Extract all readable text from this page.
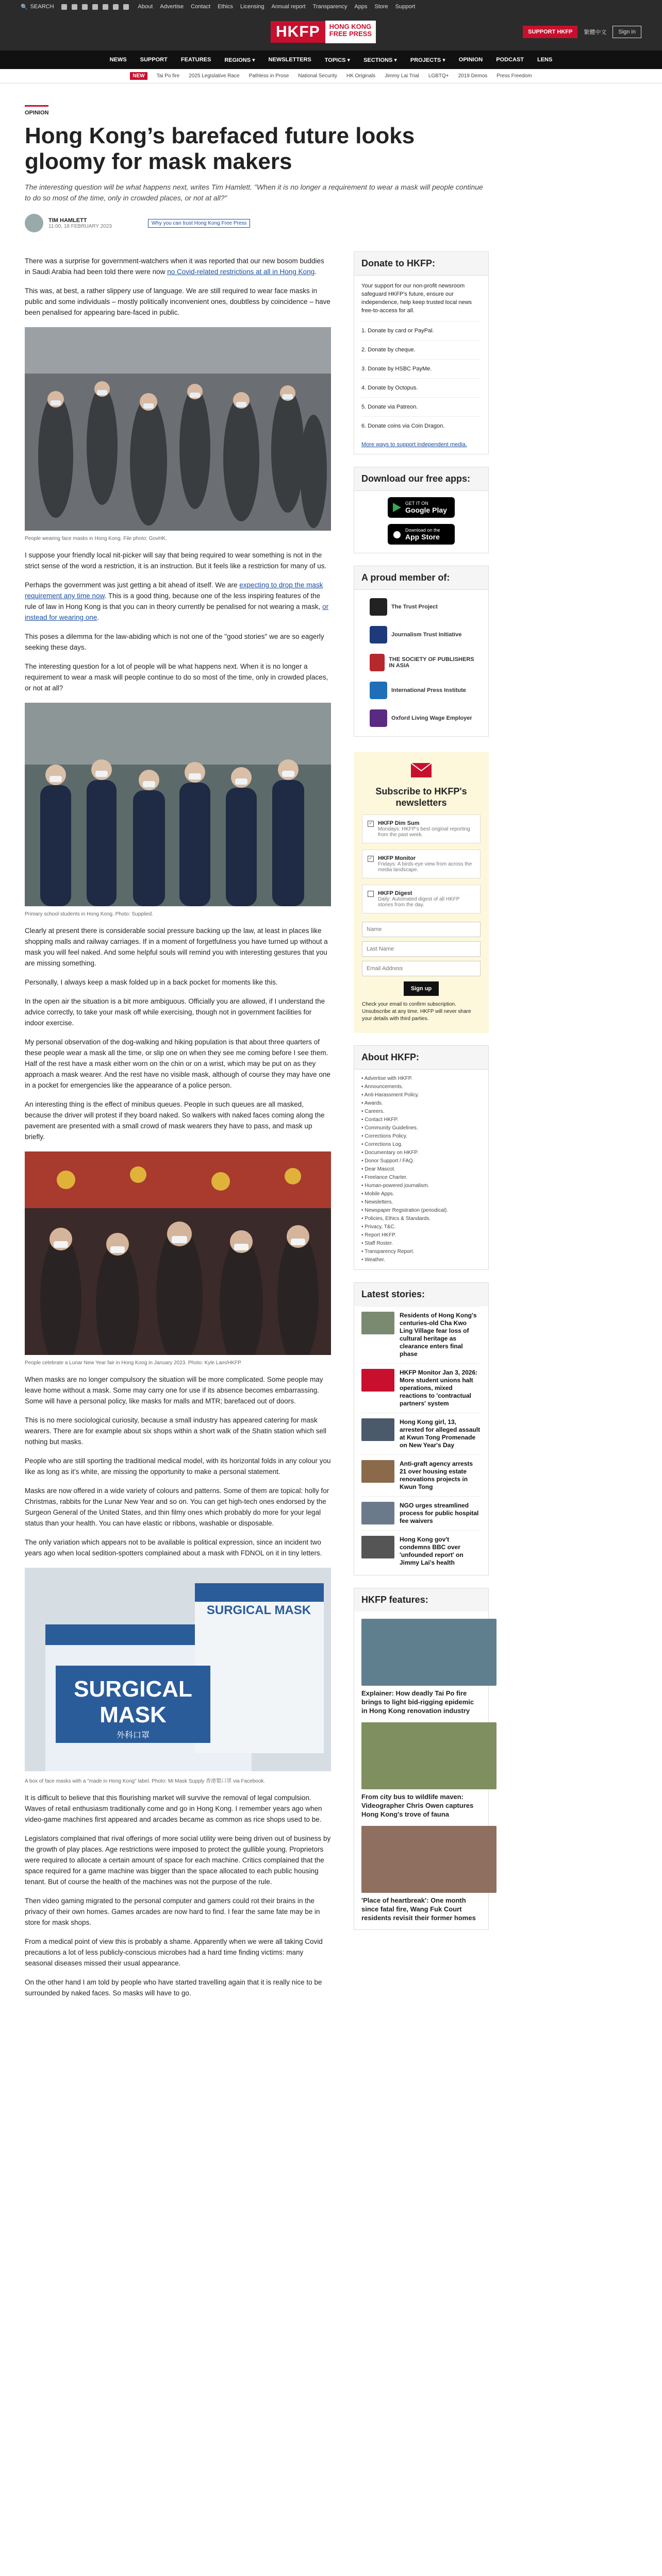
🔍 SEARCH	About Advertise Contact Ethics Licensing Annual report Transparency Apps Store Support
HKFP	HONG KONG
FREE PRESS	SUPPORT HKFP	繁體中文	Sign in
NEWS SUPPORT FEATURES REGIONS ▾ NEWSLETTERS TOPICS ▾ SECTIONS ▾ PROJECTS ▾ OPINION PODCAST LENS
NEW	Tai Po fire 2025 Legislative Race Pathless in Prose National Security HK Originals Jimmy Lai Trial LGBTQ+ 2019 Demos Press Freedom
OPINION
Hong Kong’s barefaced future looks gloomy for mask makers

The interesting question will be what happens next, writes Tim Hamlett. "When it is no longer a requirement to wear a mask will people continue to do so most of the time, only in crowded places, or not at all?"

TIM HAMLETT
11:00, 18 FEBRUARY 2023
Why you can trust Hong Kong Free Press

There was a surprise for government-watchers when it was reported that our new bosom buddies in Saudi Arabia had been told there were now no Covid-related restrictions at all in Hong Kong.

This was, at best, a rather slippery use of language. We are still required to wear face masks in public and some individuals – mostly politically inconvenient ones, doubtless by coincidence – have been penalised for appearing bare-faced in public.

People wearing face masks in Hong Kong. File photo: GovHK.

I suppose your friendly local nit-picker will say that being required to wear something is not in the strict sense of the word a restriction, it is an instruction. But it feels like a restriction for many of us.

Perhaps the government was just getting a bit ahead of itself. We are expecting to drop the mask requirement any time now. This is a good thing, because one of the less inspiring features of the rule of law in Hong Kong is that you can in theory currently be penalised for not wearing a mask, or instead for wearing one.

This poses a dilemma for the law-abiding which is not one of the "good stories" we are so eagerly seeking these days.

The interesting question for a lot of people will be what happens next. When it is no longer a requirement to wear a mask will people continue to do so most of the time, only in crowded places, or not at all?

Primary school students in Hong Kong. Photo: Supplied.

Clearly at present there is considerable social pressure backing up the law, at least in places like shopping malls and railway carriages. If in a moment of forgetfulness you have turned up without a mask you will feel naked. And some helpful souls will remind you with interesting gestures that you are missing something.

Personally, I always keep a mask folded up in a back pocket for moments like this.

In the open air the situation is a bit more ambiguous. Officially you are allowed, if I understand the advice correctly, to take your mask off while exercising, though not in government facilities for indoor exercise.

My personal observation of the dog-walking and hiking population is that about three quarters of these people wear a mask all the time, or slip one on when they see me coming before I see them. Half of the rest have a mask either worn on the chin or on a wrist, which may be put on as they approach a mask wearer. And the rest have no visible mask, although of course they may have one in a pocket for emergencies like the appearance of a police person.

An interesting thing is the effect of minibus queues. People in such queues are all masked, because the driver will protest if they board naked. So walkers with naked faces coming along the pavement are presented with a small crowd of mask wearers they have to pass, and mask up briefly.

People celebrate a Lunar New Year fair in Hong Kong in January 2023. Photo: Kyle Lam/HKFP.

When masks are no longer compulsory the situation will be more complicated. Some people may leave home without a mask. Some may carry one for use if its absence becomes embarrassing. Some will have a personal policy, like masks for malls and MTR; barefaced out of doors.

This is no mere sociological curiosity, because a small industry has appeared catering for mask wearers. There are for example about six shops within a short walk of the Shatin station which sell nothing but masks.

People who are still sporting the traditional medical model, with its horizontal folds in any colour you like as long as it’s white, are missing the opportunity to make a personal statement.

Masks are now offered in a wide variety of colours and patterns. Some of them are topical: holly for Christmas, rabbits for the Lunar New Year and so on. You can get high-tech ones endorsed by the Surgeon General of the United States, and thin filmy ones which probably do more for your legal status than your health. You can have elastic or ribbons, washable or disposable.

The only variation which appears not to be available is political expression, since an incident two years ago when local sedition-spotters complained about a mask with FDNOL on it in tiny letters.

SURGICAL MASK
SURGICAL
MASK
外科口罩
A box of face masks with a "made in Hong Kong" label. Photo: Mi Mask Supply 香港製口罩 via Facebook.

It is difficult to believe that this flourishing market will survive the removal of legal compulsion. Waves of retail enthusiasm traditionally come and go in Hong Kong. I remember years ago when video-game machines first appeared and arcades became as common as rice shops used to be.

Legislators complained that rival offerings of more social utility were being driven out of business by the growth of play places. Age restrictions were imposed to protect the gullible young. Proprietors were required to allocate a certain amount of space for each machine. Critics complained that the space required for a game machine was bigger than the space allocated to each public housing tenant. But of course the health of the machines was not the purpose of the rule.

Then video gaming migrated to the personal computer and gamers could rot their brains in the privacy of their own homes. Games arcades are now hard to find. I fear the same fate may be in store for mask shops.

From a medical point of view this is probably a shame. Apparently when we were all taking Covid precautions a lot of less publicly-conscious microbes had a hard time finding victims: many seasonal diseases missed their usual appearance.

On the other hand I am told by people who have started travelling again that it is really nice to be surrounded by naked faces. So masks will have to go.

Donate to HKFP:
Your support for our non-profit newsroom safeguard HKFP's future, ensure our independence, help keep trusted local news free-to-access for all.
1. Donate by card or PayPal.
2. Donate by cheque.
3. Donate by HSBC PayMe.
4. Donate by Octopus.
5. Donate via Patreon.
6. Donate coins via Coin Dragon.
More ways to support independent media.
Download our free apps:
GET IT ON
Google Play
Download on the
App Store
A proud member of:
The Trust Project
Journalism Trust Initiative
THE SOCIETY OF PUBLISHERS IN ASIA
International Press Institute
Oxford Living Wage Employer
Subscribe to HKFP's newsletters
✓ HKFP Dim Sum
Mondays: HKFP's best original reporting from the past week.
✓ HKFP Monitor
Fridays: A birds-eye view from across the media landscape.
HKFP Digest
Daily: Automated digest of all HKFP stories from the day.
Name Last Name Email Address Sign up
Check your email to confirm subscription. Unsubscribe at any time. HKFP will never share your details with third parties.
About HKFP:
• Advertise with HKFP.
• Announcements.
• Anti-Harassment Policy.
• Awards.
• Careers.
• Contact HKFP.
• Community Guidelines.
• Corrections Policy.
• Corrections Log.
• Documentary on HKFP.
• Donor Support / FAQ.
• Dear Mascot.
• Freelance Charter.
• Human-powered journalism.
• Mobile Apps.
• Newsletters.
• Newspaper Registration (periodical).
• Policies, Ethics & Standards.
• Privacy, T&C.
• Report HKFP.
• Staff Roster.
• Transparency Report.
• Weather.
Latest stories:
Residents of Hong Kong's centuries-old Cha Kwo Ling Village fear loss of cultural heritage as clearance enters final phase
HKFP Monitor Jan 3, 2026: More student unions halt operations, mixed reactions to 'contractual partners' system
Hong Kong girl, 13, arrested for alleged assault at Kwun Tong Promenade on New Year's Day
Anti-graft agency arrests 21 over housing estate renovations projects in Kwun Tong
NGO urges streamlined process for public hospital fee waivers
Hong Kong gov't condemns BBC over 'unfounded report' on Jimmy Lai's health
HKFP features:
Explainer: How deadly Tai Po fire brings to light bid-rigging epidemic in Hong Kong renovation industry
From city bus to wildlife maven: Videographer Chris Owen captures Hong Kong's trove of fauna
'Place of heartbreak': One month since fatal fire, Wang Fuk Court residents revisit their former homes
